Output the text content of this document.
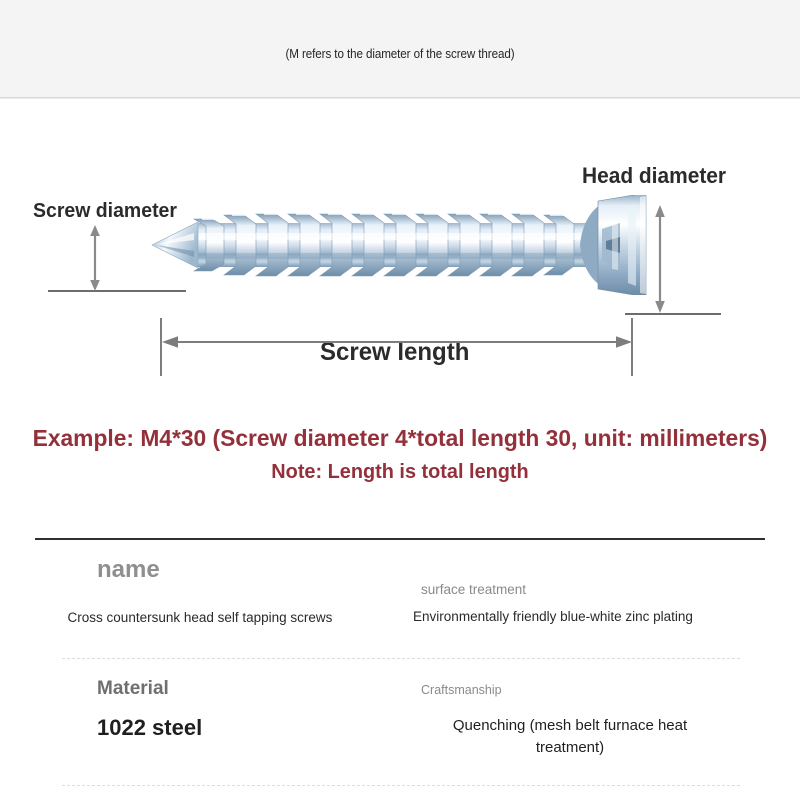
(M refers to the diameter of the screw thread)
Screw diameter
Head diameter
Screw length
Example: M4*30 (Screw diameter 4*total length 30, unit: millimeters)
Note: Length is total length
name
Cross countersunk head self tapping screws
surface treatment
Environmentally friendly blue-white zinc plating
Material
1022 steel
Craftsmanship
Quenching (mesh belt furnace heat treatment)
